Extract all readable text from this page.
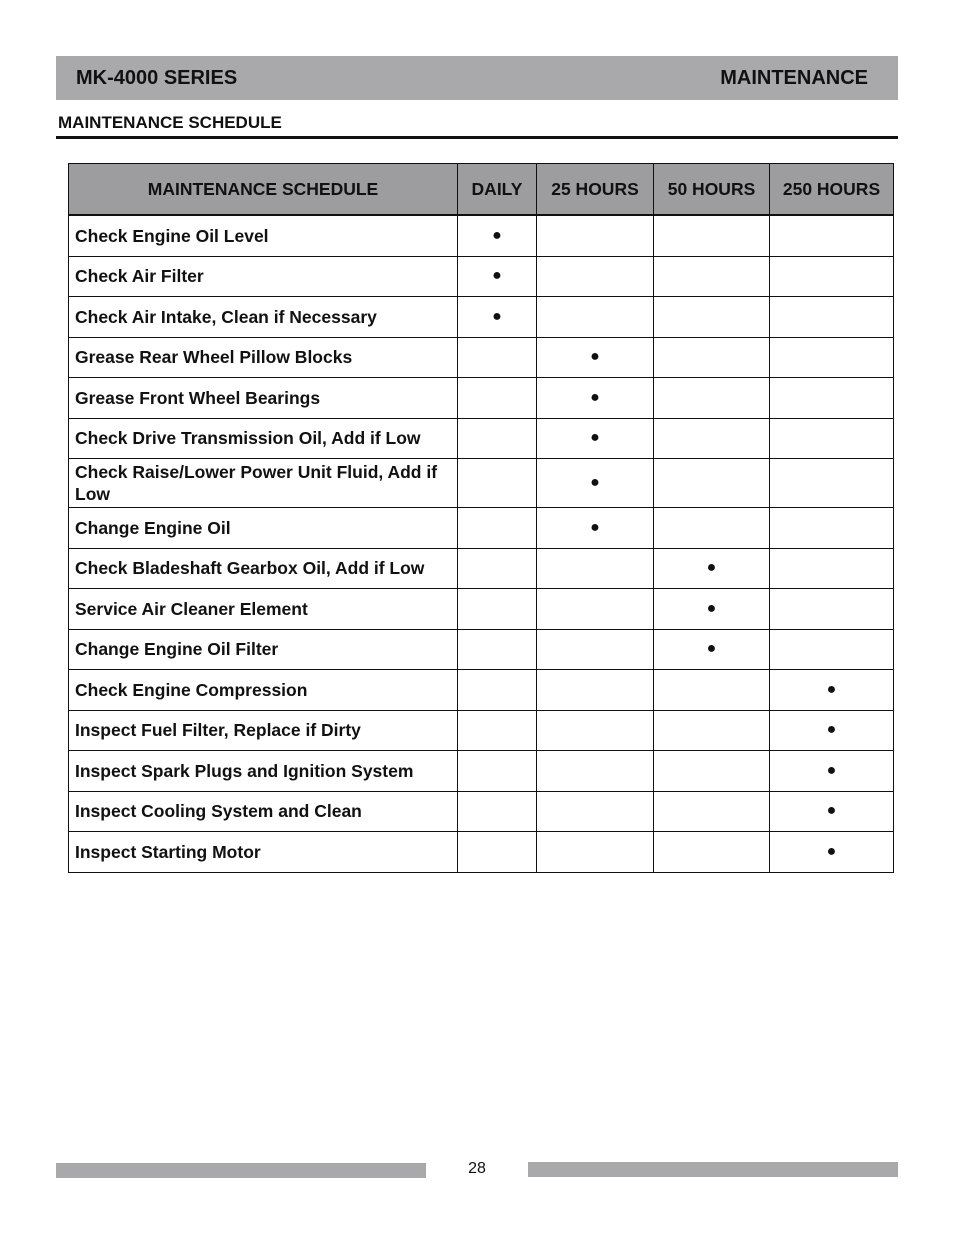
MK-4000 SERIES	MAINTENANCE
MAINTENANCE SCHEDULE
MAINTENANCE SCHEDULE	DAILY	25 HOURS	50 HOURS	250 HOURS
Check Engine Oil Level	●			
Check Air Filter	●			
Check Air Intake, Clean if Necessary	●			
Grease Rear Wheel Pillow Blocks		●		
Grease Front Wheel Bearings		●		
Check Drive Transmission Oil, Add if Low		●		
Check Raise/Lower Power Unit Fluid, Add if Low		●		
Change Engine Oil		●		
Check Bladeshaft Gearbox Oil, Add if Low			●	
Service Air Cleaner Element			●	
Change Engine Oil Filter			●	
Check Engine Compression				●
Inspect Fuel Filter, Replace if Dirty				●
Inspect Spark Plugs and Ignition System				●
Inspect Cooling System and Clean				●
Inspect Starting Motor				●
28
